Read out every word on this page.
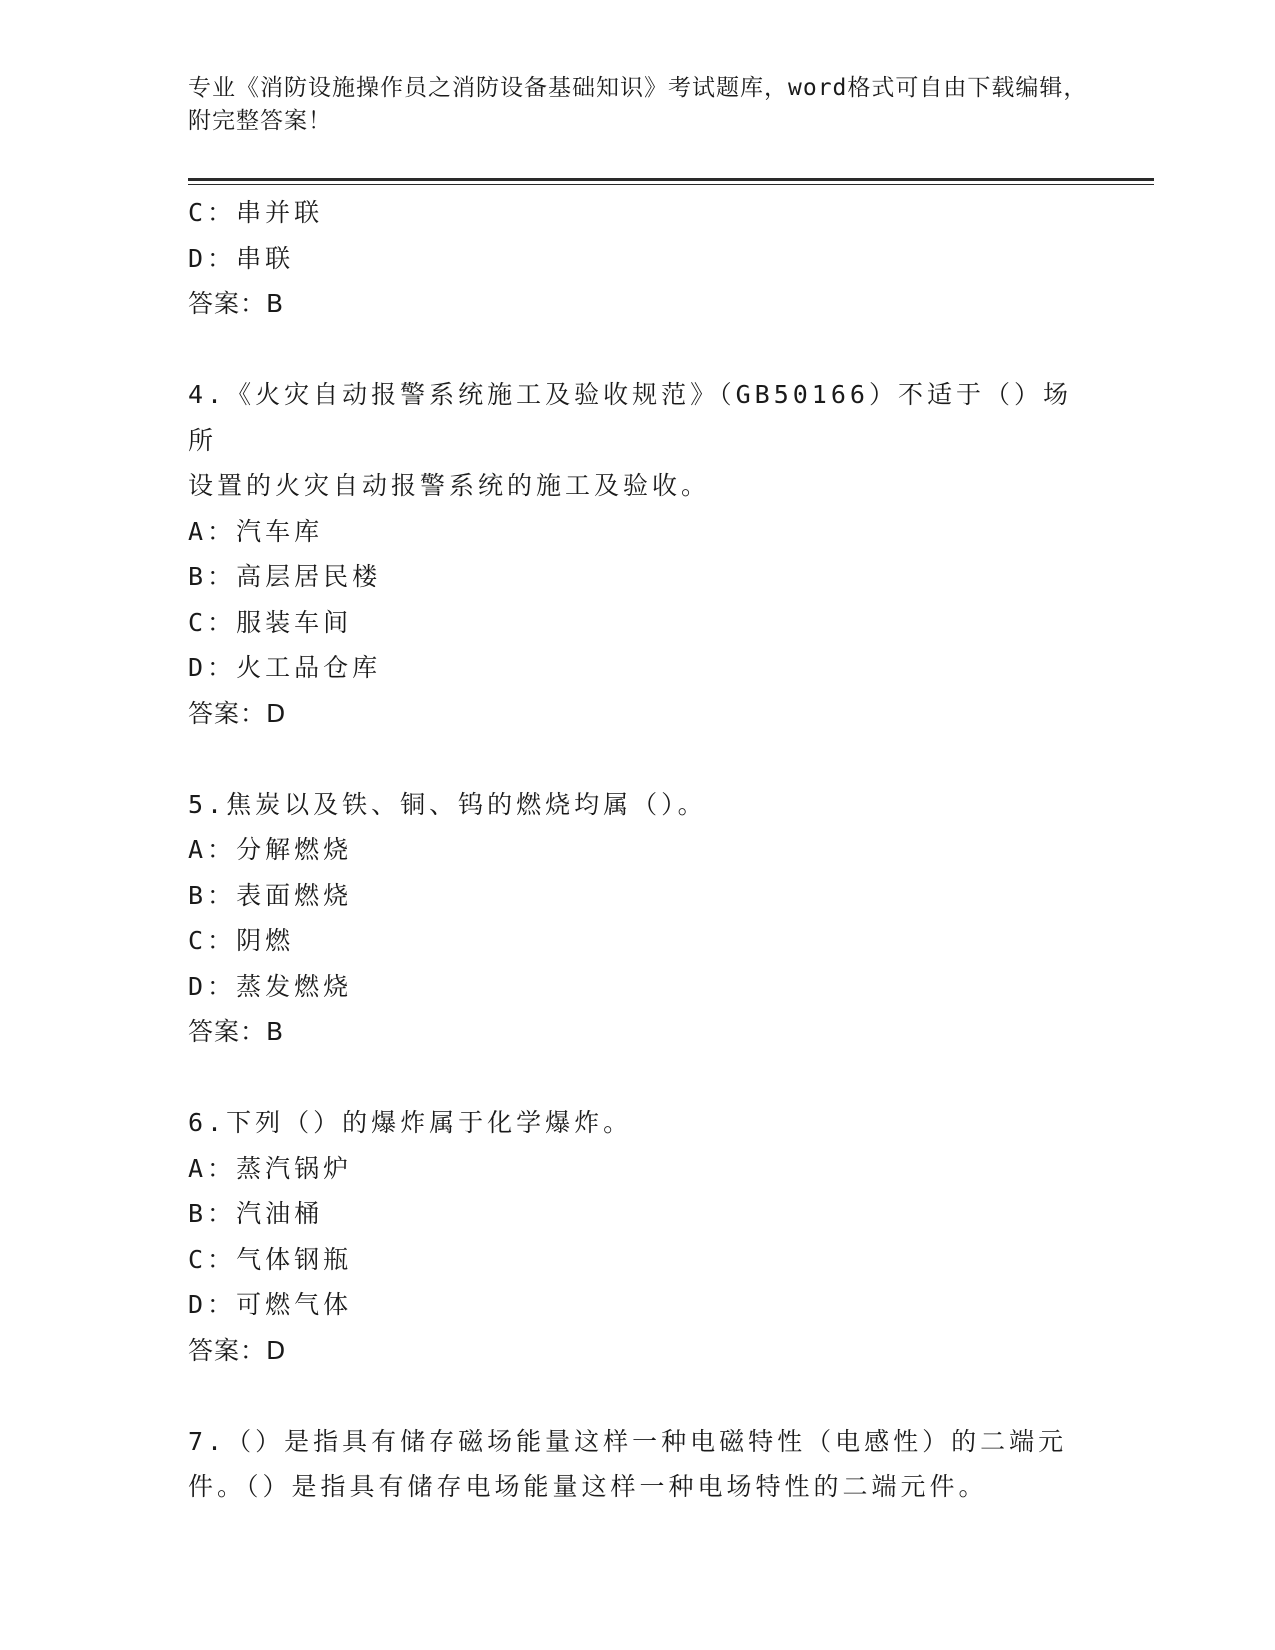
专业《消防设施操作员之消防设备基础知识》考试题库，word格式可自由下载编辑，附完整答案！
C：串并联
D：串联
答案：B
4.《火灾自动报警系统施工及验收规范》（GB50166）不适于（）场所
设置的火灾自动报警系统的施工及验收。
A：汽车库
B：高层居民楼
C：服装车间
D：火工品仓库
答案：D
5.焦炭以及铁、铜、钨的燃烧均属（）。
A：分解燃烧
B：表面燃烧
C：阴燃
D：蒸发燃烧
答案：B
6.下列（）的爆炸属于化学爆炸。
A：蒸汽锅炉
B：汽油桶
C：气体钢瓶
D：可燃气体
答案：D
7.（）是指具有储存磁场能量这样一种电磁特性（电感性）的二端元
件。（）是指具有储存电场能量这样一种电场特性的二端元件。
